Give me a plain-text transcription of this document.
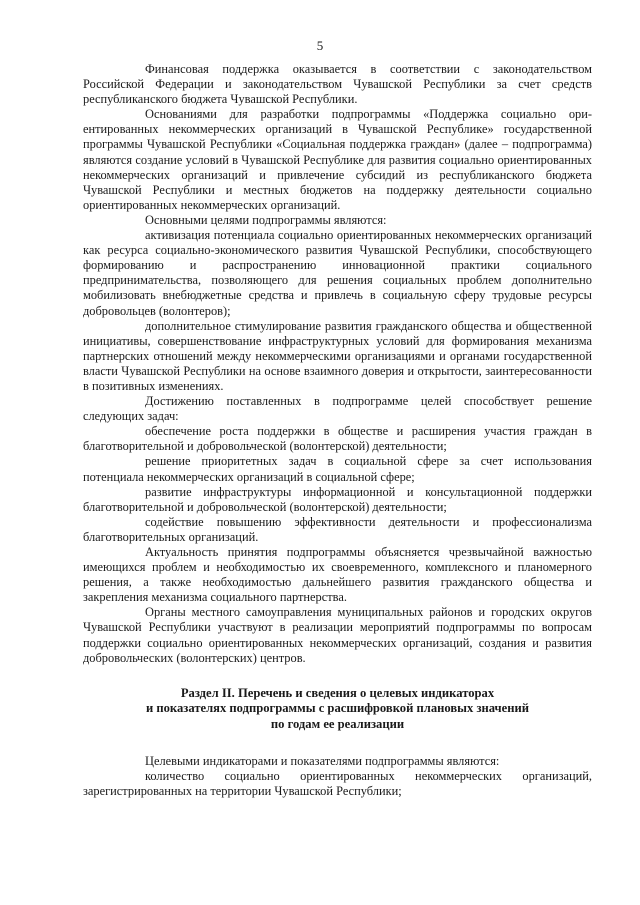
5

Финансовая поддержка оказывается в соответствии с законодательством Российской Федерации и законодательством Чувашской Республики за счет средств республиканского бюджета Чувашской Республики.

Основаниями для разработки подпрограммы «Поддержка социально ориентированных некоммерческих организаций в Чувашской Республике» государственной программы Чувашской Республики «Социальная поддержка граждан» (далее – подпрограмма) являются создание условий в Чувашской Республике для развития социально ориентированных некоммерческих организаций и привлечение субсидий из республиканского бюджета Чувашской Республики и местных бюджетов на поддержку деятельности социально ориентированных некоммерческих организаций.

Основными целями подпрограммы являются:

активизация потенциала социально ориентированных некоммерческих организаций как ресурса социально-экономического развития Чувашской Республики, способствующего формированию и распространению инновационной практики социального предпринимательства, позволяющего для решения социальных проблем дополнительно мобилизовать внебюджетные средства и привлечь в социальную сферу трудовые ресурсы добровольцев (волонтеров);

дополнительное стимулирование развития гражданского общества и общественной инициативы, совершенствование инфраструктурных условий для формирования механизма партнерских отношений между некоммерческими организациями и органами государственной власти Чувашской Республики на основе взаимного доверия и открытости, заинтересованности в позитивных изменениях.

Достижению поставленных в подпрограмме целей способствует решение следующих задач:

обеспечение роста поддержки в обществе и расширения участия граждан в благотворительной и добровольческой (волонтерской) деятельности;

решение приоритетных задач в социальной сфере за счет использования потенциала некоммерческих организаций в социальной сфере;

развитие инфраструктуры информационной и консультационной поддержки благотворительной и добровольческой (волонтерской) деятельности;

содействие повышению эффективности деятельности и профессионализма благотворительных организаций.

Актуальность принятия подпрограммы объясняется чрезвычайной важностью имеющихся проблем и необходимостью их своевременного, комплексного и планомерного решения, а также необходимостью дальнейшего развития гражданского общества и закрепления механизма социального партнерства.

Органы местного самоуправления муниципальных районов и городских округов Чувашской Республики участвуют в реализации мероприятий подпрограммы по вопросам поддержки социально ориентированных некоммерческих организаций, создания и развития добровольческих (волонтерских) центров.

Раздел II. Перечень и сведения о целевых индикаторах
и показателях подпрограммы с расшифровкой плановых значений
по годам ее реализации

Целевыми индикаторами и показателями подпрограммы являются:

количество социально ориентированных некоммерческих организаций, зарегистрированных на территории Чувашской Республики;
